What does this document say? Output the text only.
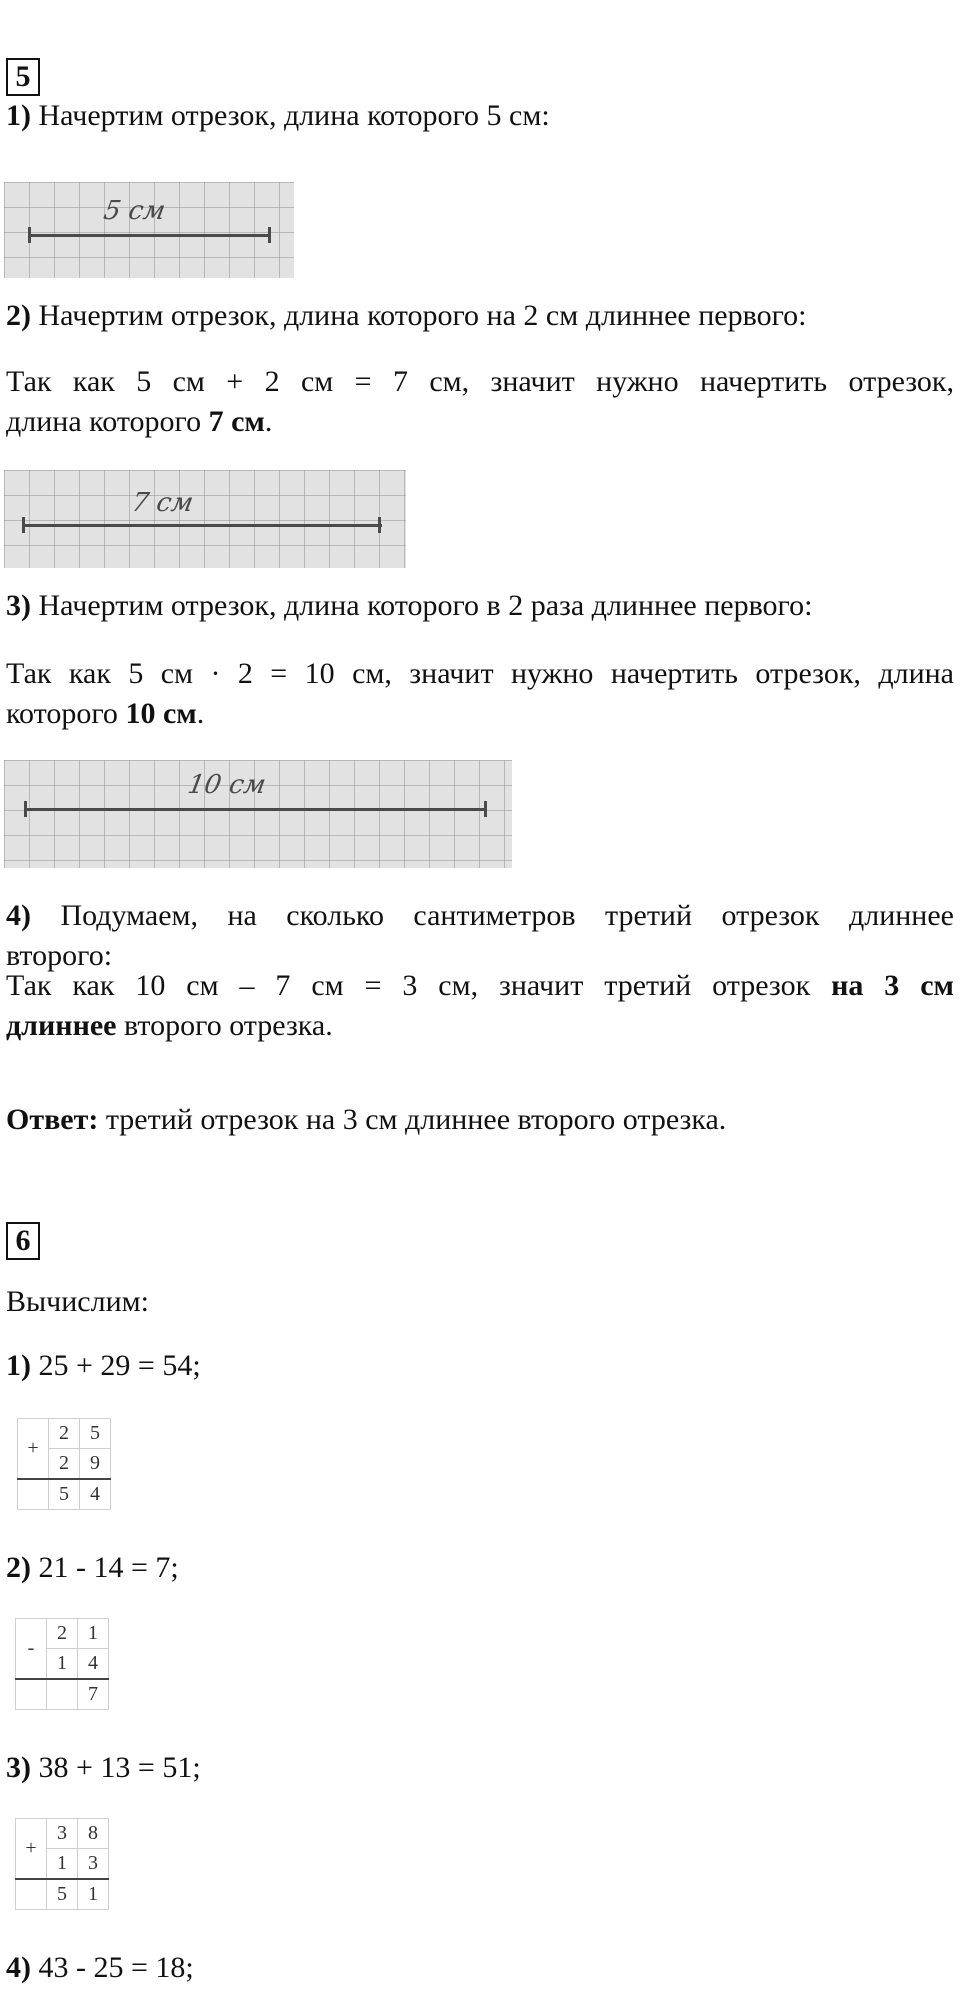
5
1) Начертим отрезок, длина которого 5 см:
5 см
2) Начертим отрезок, длина которого на 2 см длиннее первого:
Так как 5 см + 2 см = 7 см, значит нужно начертить отрезок,
длина которого 7 см.
7 см
3) Начертим отрезок, длина которого в 2 раза длиннее первого:
Так как 5 см · 2 = 10 см, значит нужно начертить отрезок, длина
которого 10 см.
10 см
4) Подумаем, на сколько сантиметров третий отрезок длиннее
второго:
Так как 10 см – 7 см = 3 см, значит третий отрезок на 3 см
длиннее второго отрезка.
Ответ: третий отрезок на 3 см длиннее второго отрезка.
6
Вычислим:
1) 25 + 29 = 54;
+	2	5
	2	9
	5	4
2) 21 - 14 = 7;
-	2	1
	1	4
		7
3) 38 + 13 = 51;
+	3	8
	1	3
	5	1
4) 43 - 25 = 18;
